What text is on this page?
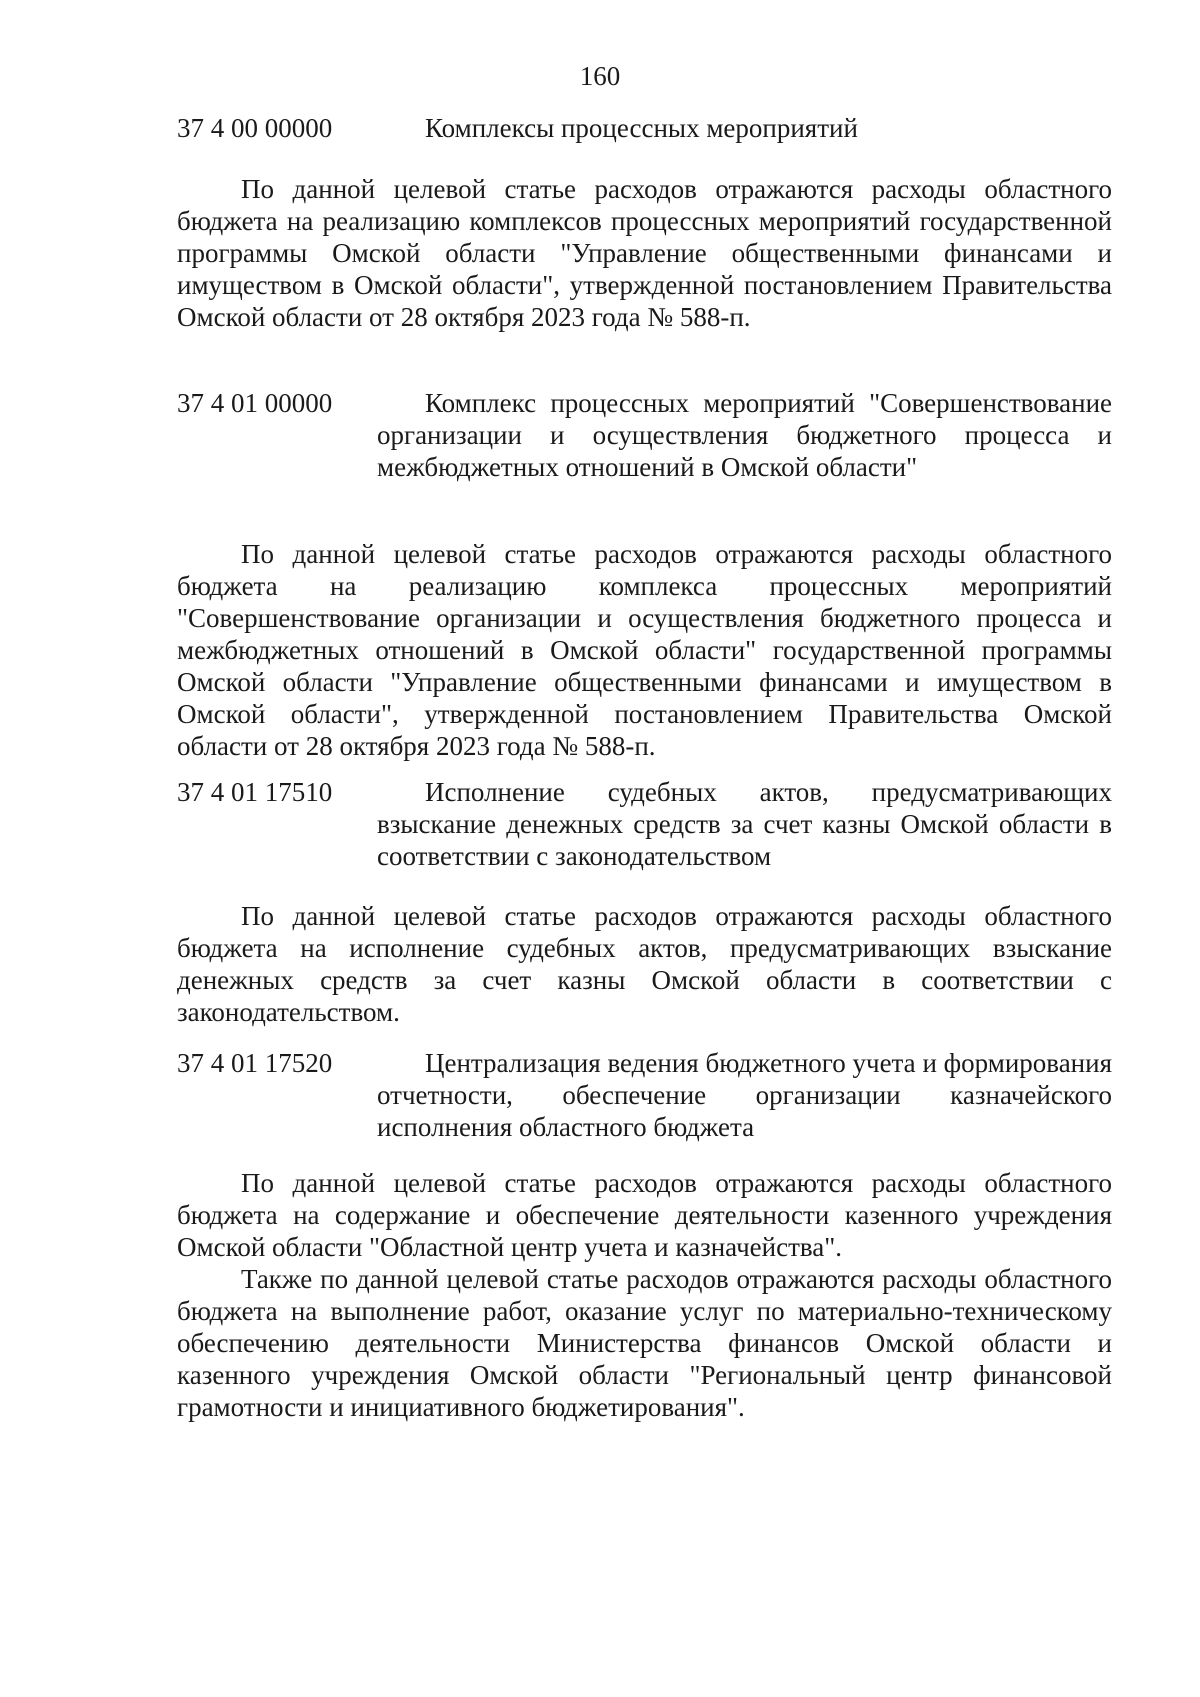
160
37 4 00 00000	Комплексы процессных мероприятий

По данной целевой статье расходов отражаются расходы областного бюджета на реализацию комплексов процессных мероприятий государственной программы Омской области "Управление общественными финансами и имуществом в Омской области", утвержденной постановлением Правительства Омской области от 28 октября 2023 года № 588-п.

37 4 01 00000	Комплекс процессных мероприятий "Совершенствование организации и осуществления бюджетного процесса и межбюджетных отношений в Омской области"

По данной целевой статье расходов отражаются расходы областного бюджета на реализацию комплекса процессных мероприятий "Совершенствование организации и осуществления бюджетного процесса и межбюджетных отношений в Омской области" государственной программы Омской области "Управление общественными финансами и имуществом в Омской области", утвержденной постановлением Правительства Омской области от 28 октября 2023 года № 588-п.

37 4 01 17510	Исполнение судебных актов, предусматривающих взыскание денежных средств за счет казны Омской области в соответствии с законодательством

По данной целевой статье расходов отражаются расходы областного бюджета на исполнение судебных актов, предусматривающих взыскание денежных средств за счет казны Омской области в соответствии с законодательством.

37 4 01 17520	Централизация ведения бюджетного учета и формирования отчетности, обеспечение организации казначейского исполнения областного бюджета

По данной целевой статье расходов отражаются расходы областного бюджета на содержание и обеспечение деятельности казенного учреждения Омской области "Областной центр учета и казначейства".

Также по данной целевой статье расходов отражаются расходы областного бюджета на выполнение работ, оказание услуг по материально-техническому обеспечению деятельности Министерства финансов Омской области и казенного учреждения Омской области "Региональный центр финансовой грамотности и инициативного бюджетирования".
